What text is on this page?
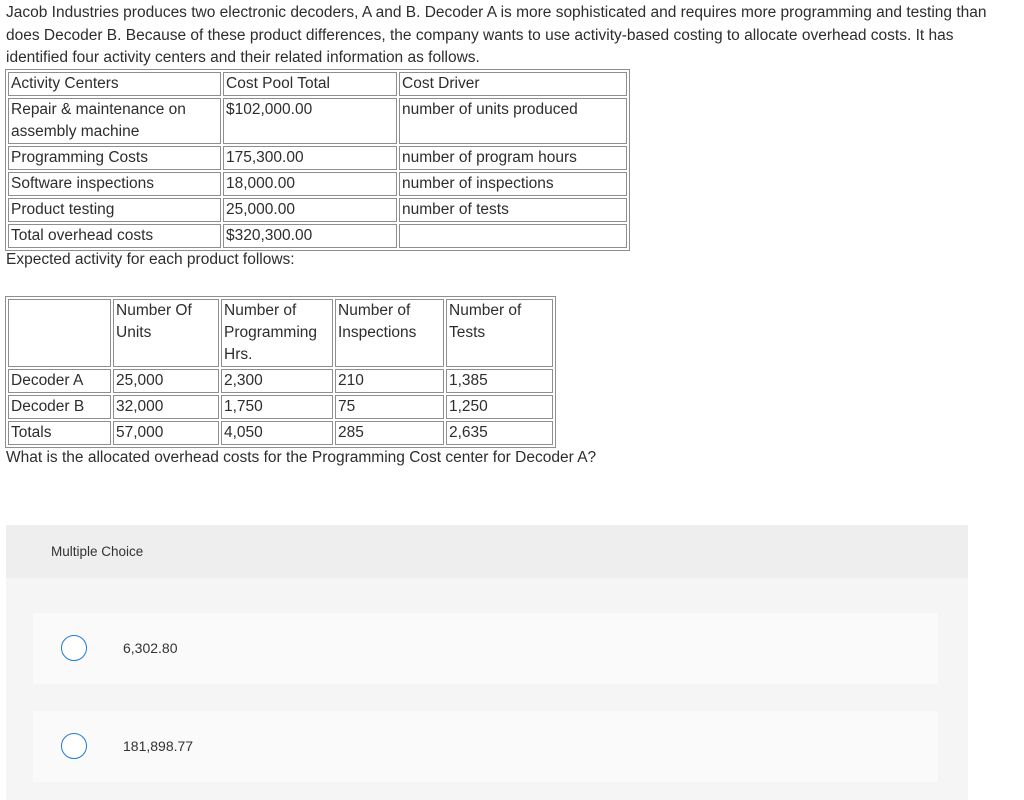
Jacob Industries produces two electronic decoders, A and B. Decoder A is more sophisticated and requires more programming and testing than does Decoder B. Because of these product differences, the company wants to use activity-based costing to allocate overhead costs. It has identified four activity centers and their related information as follows.

Activity Centers	Cost Pool Total	Cost Driver
Repair & maintenance on assembly machine	$102,000.00	number of units produced
Programming Costs	175,300.00	number of program hours
Software inspections	18,000.00	number of inspections
Product testing	25,000.00	number of tests
Total overhead costs	$320,300.00	
Expected activity for each product follows:
	Number Of Units	Number of Programming Hrs.	Number of Inspections	Number of Tests
Decoder A	25,000	2,300	210	1,385
Decoder B	32,000	1,750	75	1,250
Totals	57,000	4,050	285	2,635
What is the allocated overhead costs for the Programming Cost center for Decoder A?
Multiple Choice
6,302.80
181,898.77
